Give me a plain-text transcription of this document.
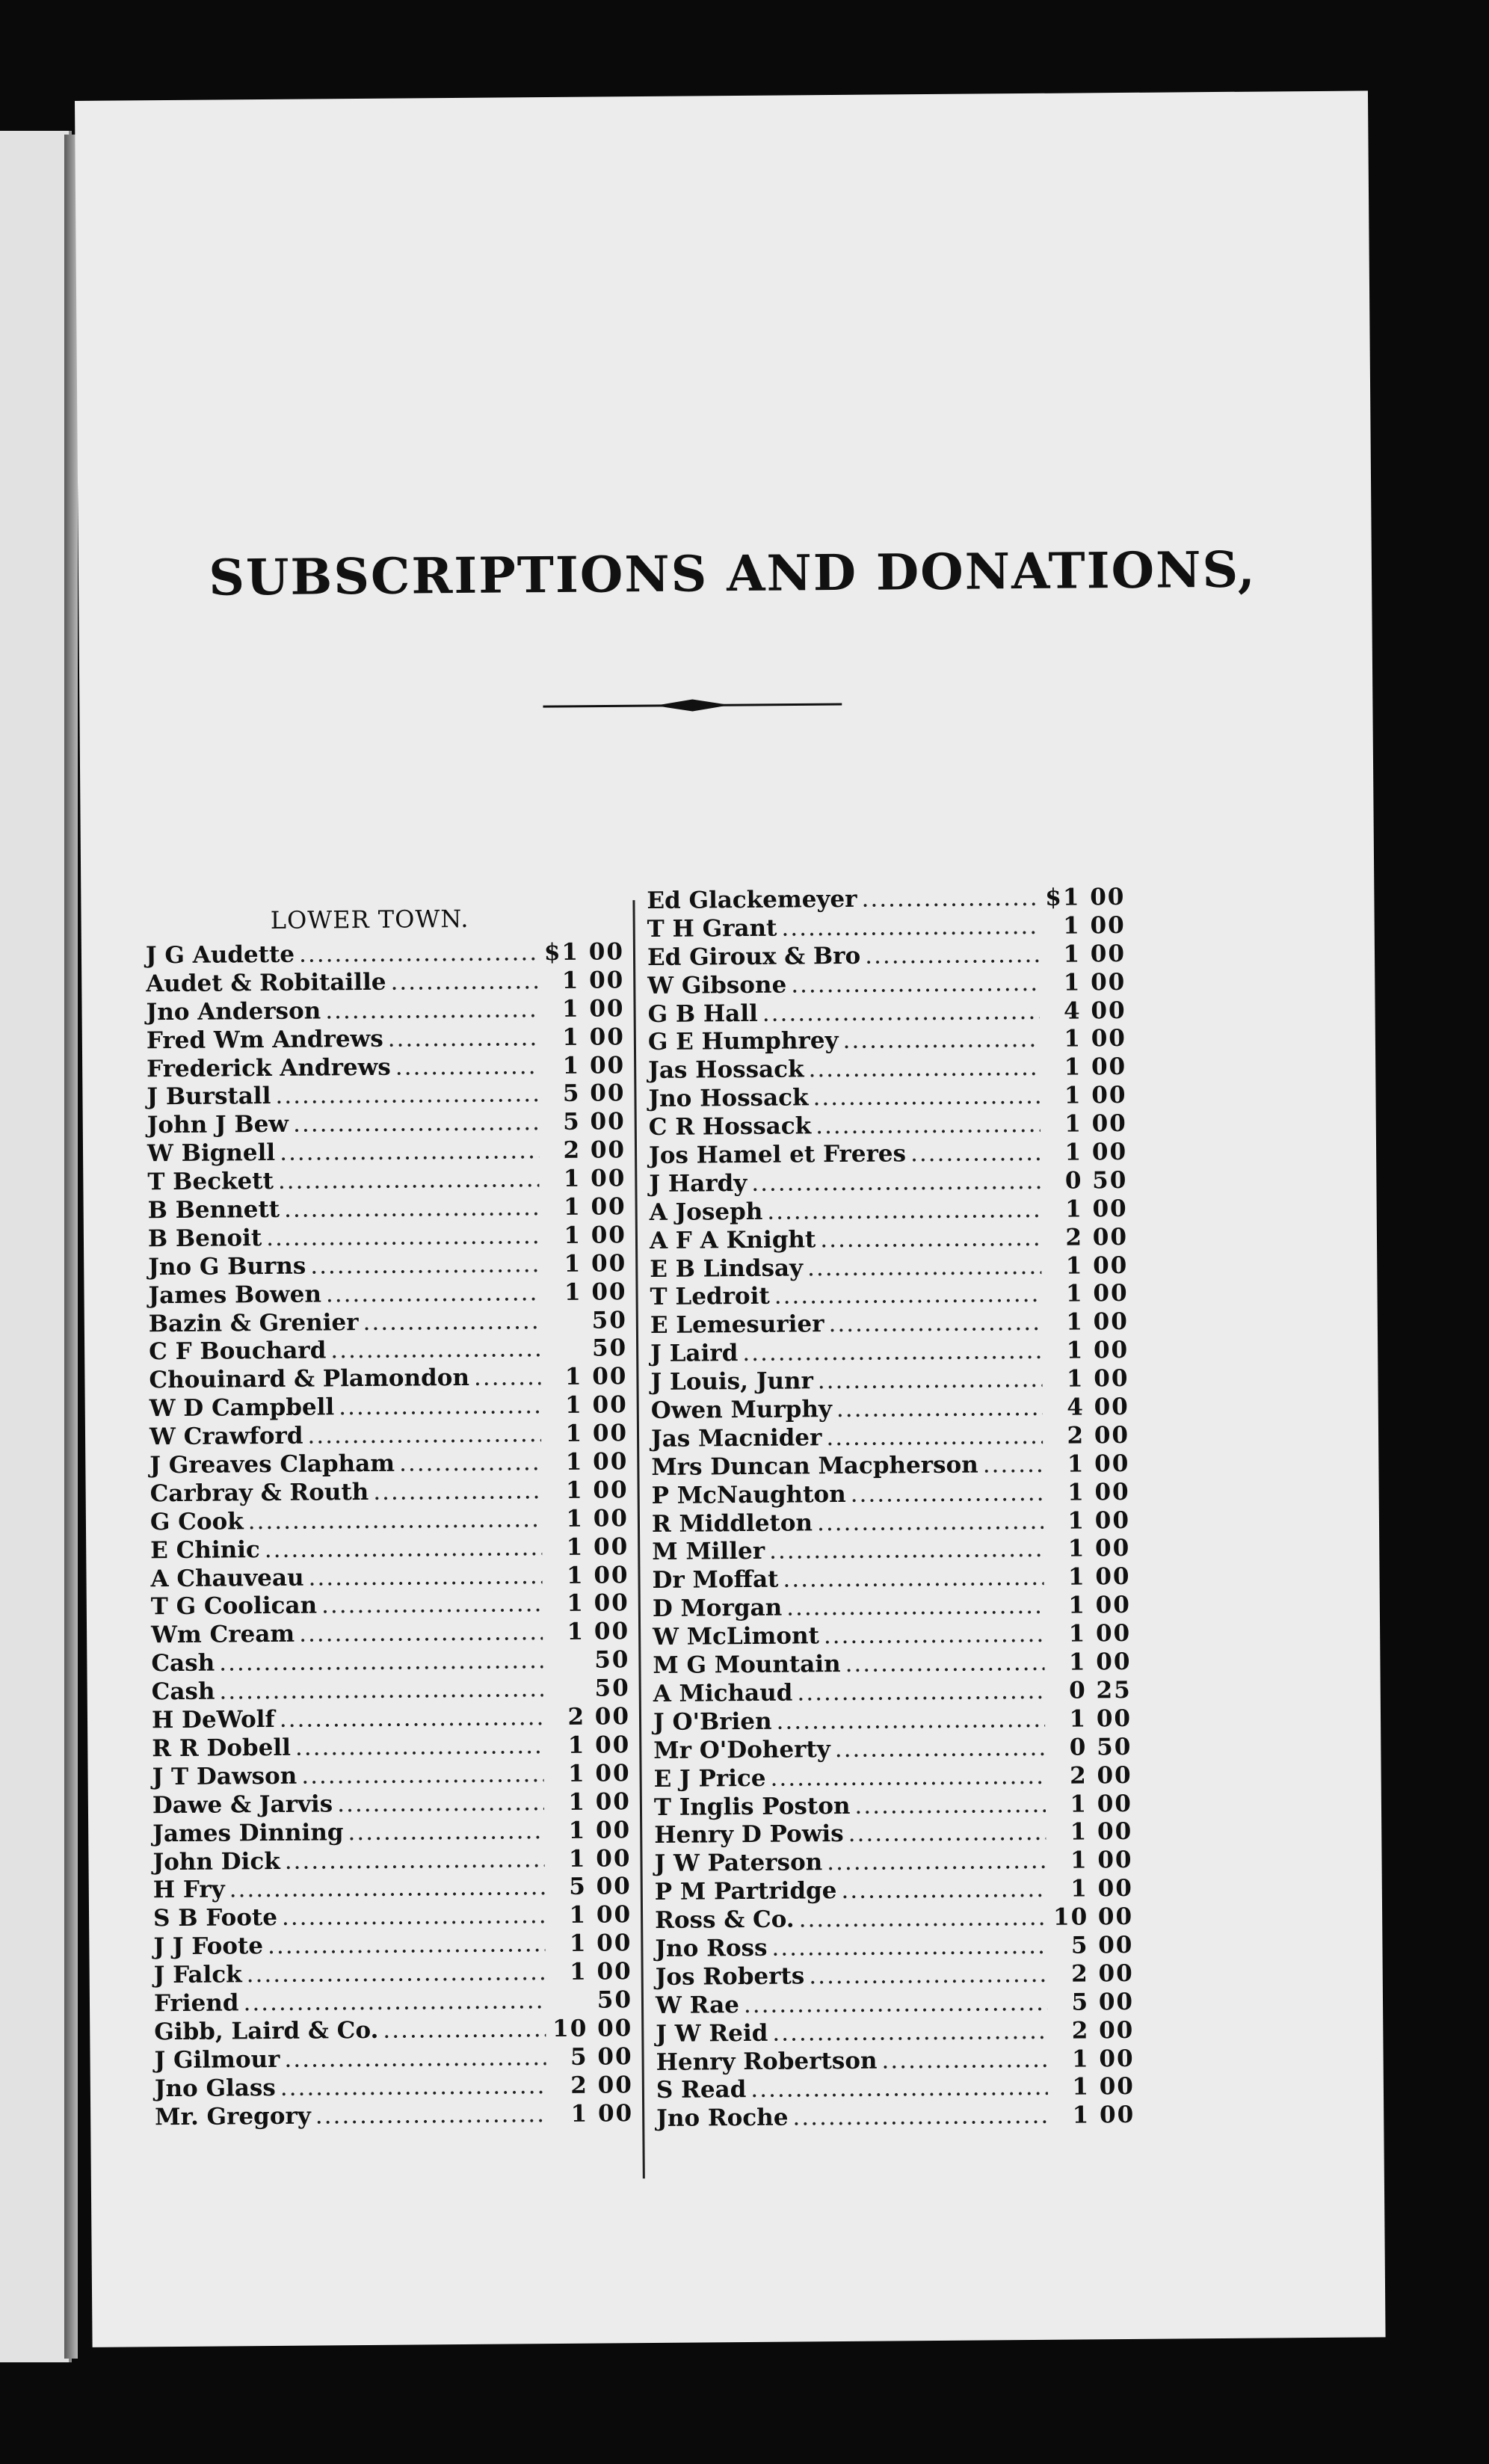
SUBSCRIPTIONS AND DONATIONS,
LOWER TOWN.
J G Audette .....	$1 00
Audet & Robitaille .....	1 00
Jno Anderson .....	1 00
Fred Wm Andrews .....	1 00
Frederick Andrews .....	1 00
J Burstall .....	5 00
John J Bew .....	5 00
W Bignell .....	2 00
T Beckett .....	1 00
B Bennett .....	1 00
B Benoit .....	1 00
Jno G Burns .....	1 00
James Bowen .....	1 00
Bazin & Grenier .....	50
C F Bouchard .....	50
Chouinard & Plamondon .....	1 00
W D Campbell .....	1 00
W Crawford .....	1 00
J Greaves Clapham .....	1 00
Carbray & Routh .....	1 00
G Cook .....	1 00
E Chinic .....	1 00
A Chauveau .....	1 00
T G Coolican .....	1 00
Wm Cream .....	1 00
Cash .....	50
Cash .....	50
H DeWolf .....	2 00
R R Dobell .....	1 00
J T Dawson .....	1 00
Dawe & Jarvis .....	1 00
James Dinning .....	1 00
John Dick .....	1 00
H Fry .....	5 00
S B Foote .....	1 00
J J Foote .....	1 00
J Falck .....	1 00
Friend .....	50
Gibb, Laird & Co. .....	10 00
J Gilmour .....	5 00
Jno Glass .....	2 00
Mr. Gregory .....	1 00
Ed Glackemeyer .....	$1 00
T H Grant .....	1 00
Ed Giroux & Bro .....	1 00
W Gibsone .....	1 00
G B Hall .....	4 00
G E Humphrey .....	1 00
Jas Hossack .....	1 00
Jno Hossack .....	1 00
C R Hossack .....	1 00
Jos Hamel et Freres .....	1 00
J Hardy .....	0 50
A Joseph .....	1 00
A F A Knight .....	2 00
E B Lindsay .....	1 00
T Ledroit .....	1 00
E Lemesurier .....	1 00
J Laird .....	1 00
J Louis, Junr .....	1 00
Owen Murphy .....	4 00
Jas Macnider .....	2 00
Mrs Duncan Macpherson .....	1 00
P McNaughton .....	1 00
R Middleton .....	1 00
M Miller .....	1 00
Dr Moffat .....	1 00
D Morgan .....	1 00
W McLimont .....	1 00
M G Mountain .....	1 00
A Michaud .....	0 25
J O'Brien .....	1 00
Mr O'Doherty .....	0 50
E J Price .....	2 00
T Inglis Poston .....	1 00
Henry D Powis .....	1 00
J W Paterson .....	1 00
P M Partridge .....	1 00
Ross & Co. .....	10 00
Jno Ross .....	5 00
Jos Roberts .....	2 00
W Rae .....	5 00
J W Reid .....	2 00
Henry Robertson .....	1 00
S Read .....	1 00
Jno Roche .....	1 00
